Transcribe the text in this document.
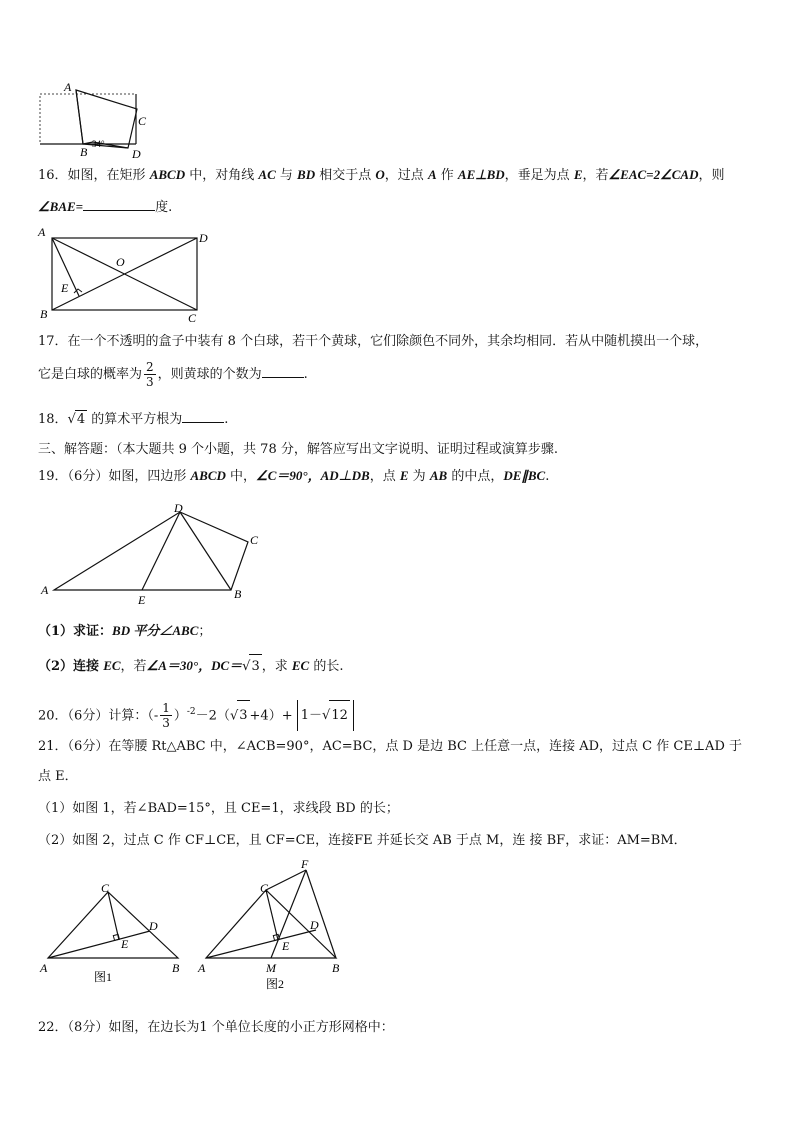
A
C
B	D
34°
16．如图，在矩形 ABCD 中，对角线 AC 与 BD 相交于点 O，过点 A 作 AE⊥BD，垂足为点 E，若∠EAC=2∠CAD，则
∠BAE=	度.
A	D
O
E
B	C
17．在一个不透明的盒子中装有 8 个白球，若干个黄球，它们除颜色不同外，其余均相同．若从中随机摸出一个球，
它是白球的概率为 $\frac{2}{3}$ ，则黄球的个数为	.
18．√4 的算术平方根为	.
三、解答题：（本大题共 9 个小题，共 78 分，解答应写出文字说明、证明过程或演算步骤.
19．（6分）如图，四边形 ABCD 中，∠C＝90°，AD⊥DB，点 E 为 AB 的中点，DE∥BC.
D
C
A
E	B
（1）求证：BD 平分∠ABC；
（2）连接 EC，若∠A＝30°，DC＝√3 ，求 EC 的长.
20．（6分）计算：（- $\frac{1}{3} )^{-2}-2(√3 +4)+ 1-√12$
21．（6分）在等腰 Rt△ABC 中，∠ACB=90°，AC=BC，点 D 是边 BC 上任意一点，连接 AD，过点 C 作 CE⊥AD 于
点 E．
（1）如图 1，若∠BAD=15°，且 CE=1，求线段 BD 的长；
（2）如图 2，过点 C 作 CF⊥CE，且 CF=CE，连接FE 并延长交 AB 于点 M，连 接 BF，求证：AM=BM．
C
D
E
A	B
图1
F
C
D
E
A	M	B
图2
22．（8分）如图，在边长为1 个单位长度的小正方形网格中：
